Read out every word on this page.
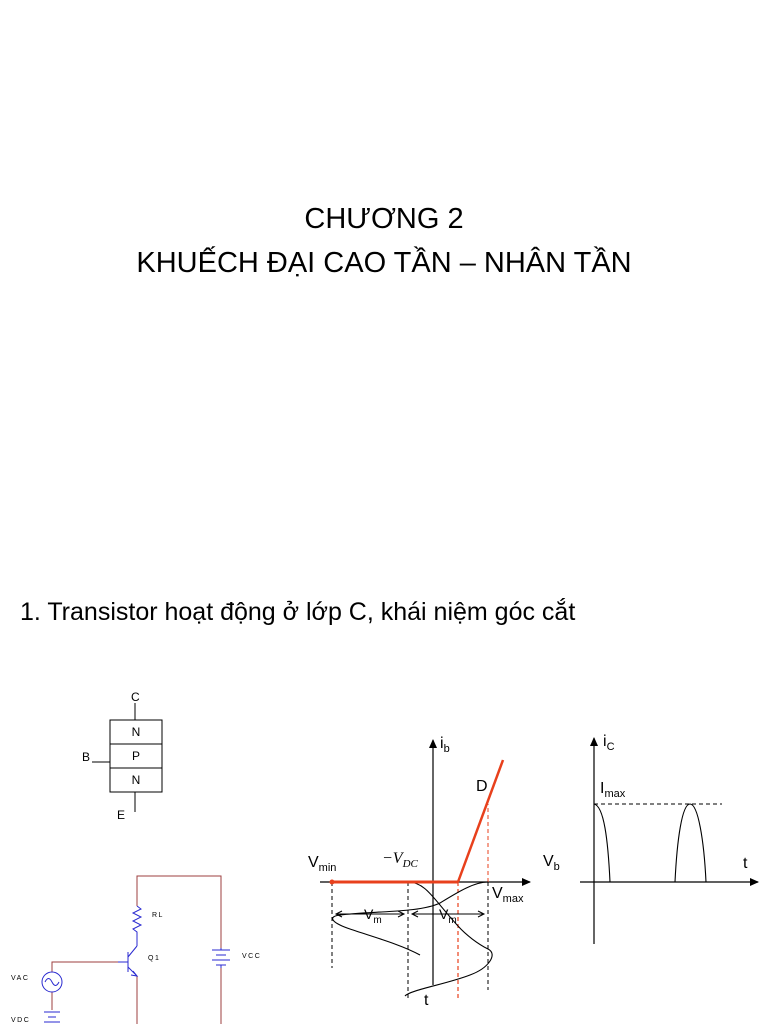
CHƯƠNG 2
KHUẾCH ĐẠI CAO TẦN – NHÂN TẦN
1. Transistor hoạt động ở lớp C, khái niệm góc cắt
C
B
E
N
P
N
RL
Q1	VCC
VAC
VDC
$i_b$
D
$V_{min}$
$-V_{DC}$	$V_b$
$V_{max}$
$V_m$	$V_m$
t
$i_C$
$I_{max}$
t
